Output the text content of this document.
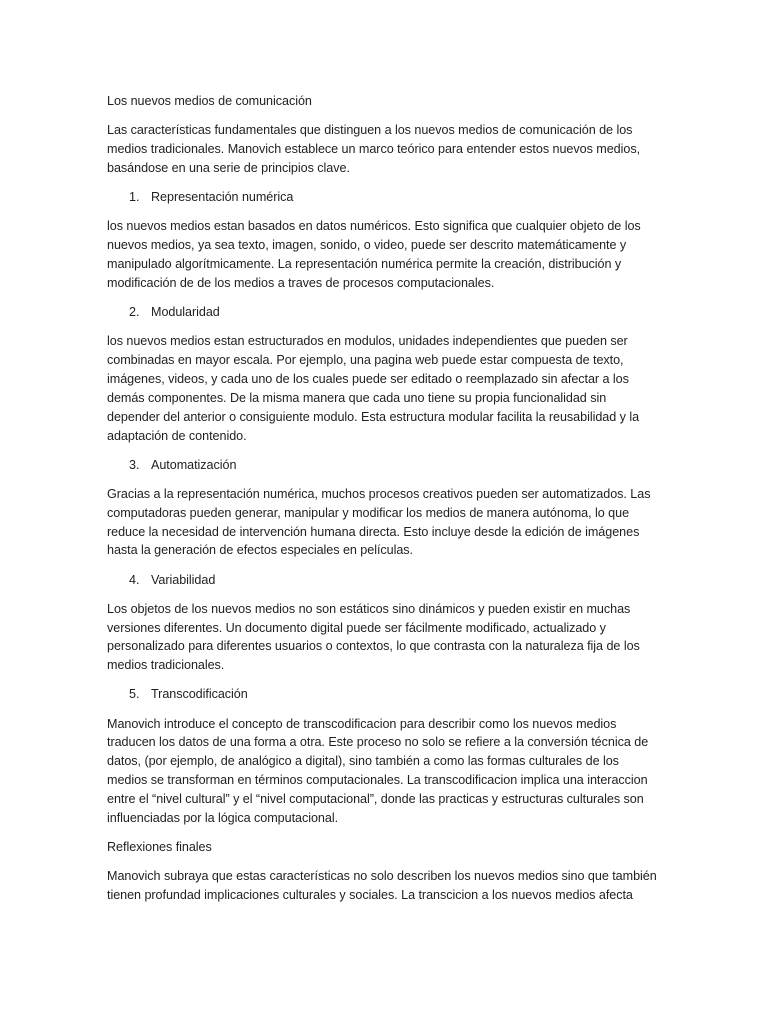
Los nuevos medios de comunicación

Las características fundamentales que distinguen a los nuevos medios de comunicación de los medios tradicionales. Manovich establece un marco teórico para entender estos nuevos medios, basándose en una serie de principios clave.

1. Representación numérica

los nuevos medios estan basados en datos numéricos. Esto significa que cualquier objeto de los nuevos medios, ya sea texto, imagen, sonido, o video, puede ser descrito matemáticamente y manipulado algorítmicamente. La representación numérica permite la creación, distribución y modificación de de los medios a traves de procesos computacionales.

2. Modularidad

los nuevos medios estan estructurados en modulos, unidades independientes que pueden ser combinadas en mayor escala. Por ejemplo, una pagina web puede estar compuesta de texto, imágenes, videos, y cada uno de los cuales puede ser editado o reemplazado sin afectar a los demás componentes. De la misma manera que cada uno tiene su propia funcionalidad sin depender del anterior o consiguiente modulo. Esta estructura modular facilita la reusabilidad y la adaptación de contenido.

3. Automatización

Gracias a la representación numérica, muchos procesos creativos pueden ser automatizados. Las computadoras pueden generar, manipular y modificar los medios de manera autónoma, lo que reduce la necesidad de intervención humana directa. Esto incluye desde la edición de imágenes hasta la generación de efectos especiales en películas.

4. Variabilidad

Los objetos de los nuevos medios no son estáticos sino dinámicos y pueden existir en muchas versiones diferentes. Un documento digital puede ser fácilmente modificado, actualizado y personalizado para diferentes usuarios o contextos, lo que contrasta con la naturaleza fija de los medios tradicionales.

5. Transcodificación

Manovich introduce el concepto de transcodificacion para describir como los nuevos medios traducen los datos de una forma a otra. Este proceso no solo se refiere a la conversión técnica de datos, (por ejemplo, de analógico a digital), sino también a como las formas culturales de los medios se transforman en términos computacionales. La transcodificacion implica una interaccion entre el “nivel cultural” y el “nivel computacional”, donde las practicas y estructuras culturales son influenciadas por la lógica computacional.

Reflexiones finales

Manovich subraya que estas características no solo describen los nuevos medios sino que también tienen profundad implicaciones culturales y sociales. La transcicion a los nuevos medios afecta
